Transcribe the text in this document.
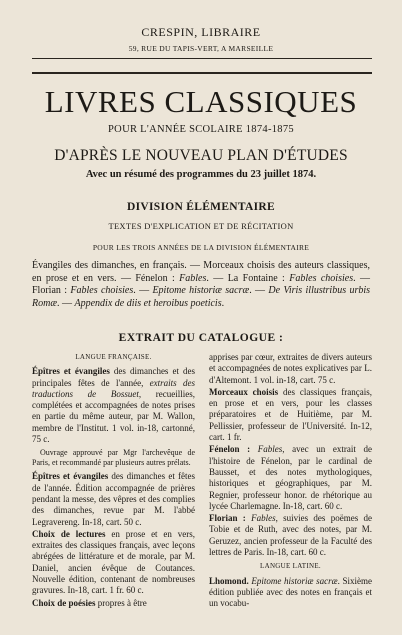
CRESPIN, LIBRAIRE
59, RUE DU TAPIS-VERT, A MARSEILLE
LIVRES CLASSIQUES
POUR L'ANNÉE SCOLAIRE 1874-1875
D'APRÈS LE NOUVEAU PLAN D'ÉTUDES
Avec un résumé des programmes du 23 juillet 1874.
DIVISION ÉLÉMENTAIRE
TEXTES D'EXPLICATION ET DE RÉCITATION
POUR LES TROIS ANNÉES DE LA DIVISION ÉLÉMENTAIRE

Évangiles des dimanches, en français. — Morceaux choisis des auteurs classiques, en prose et en vers. — Fénelon : Fables. — La Fontaine : Fables choisies. — Florian : Fables choisies. — Epitome historiæ sacræ. — De Viris illustribus urbis Romæ. — Appendix de diis et heroibus poeticis.

EXTRAIT DU CATALOGUE :

LANGUE FRANÇAISE.

Épîtres et évangiles des dimanches et des principales fêtes de l'année, extraits des traductions de Bossuet, recueillies, complétées et accompagnées de notes prises en partie du même auteur, par M. Wallon, membre de l'Institut. 1 vol. in-18, cartonné, 75 c.

Ouvrage approuvé par Mgr l'archevêque de Paris, et recommandé par plusieurs autres prélats.

Épîtres et évangiles des dimanches et fêtes de l'année. Édition accompagnée de prières pendant la messe, des vêpres et des complies des dimanches, revue par M. l'abbé Legravereng. In-18, cart. 50 c.

Choix de lectures en prose et en vers, extraites des classiques français, avec leçons abrégées de littérature et de morale, par M. Daniel, ancien évêque de Coutances. Nouvelle édition, contenant de nombreuses gravures. In-18, cart. 1 fr. 60 c.

Choix de poésies propres à être

apprises par cœur, extraites de divers auteurs et accompagnées de notes explicatives par L. d'Altemont. 1 vol. in-18, cart. 75 c.

Morceaux choisis des classiques français, en prose et en vers, pour les classes préparatoires et de Huitième, par M. Pellissier, professeur de l'Université. In-12, cart. 1 fr.

Fénelon : Fables, avec un extrait de l'histoire de Fénelon, par le cardinal de Bausset, et des notes mythologiques, historiques et géographiques, par M. Regnier, professeur honor. de rhétorique au lycée Charlemagne. In-18, cart. 60 c.

Florian : Fables, suivies des poëmes de Tobie et de Ruth, avec des notes, par M. Geruzez, ancien professeur de la Faculté des lettres de Paris. In-18, cart. 60 c.

LANGUE LATINE.

Lhomond. Epitome historiæ sacræ. Sixième édition publiée avec des notes en français et un vocabu-
